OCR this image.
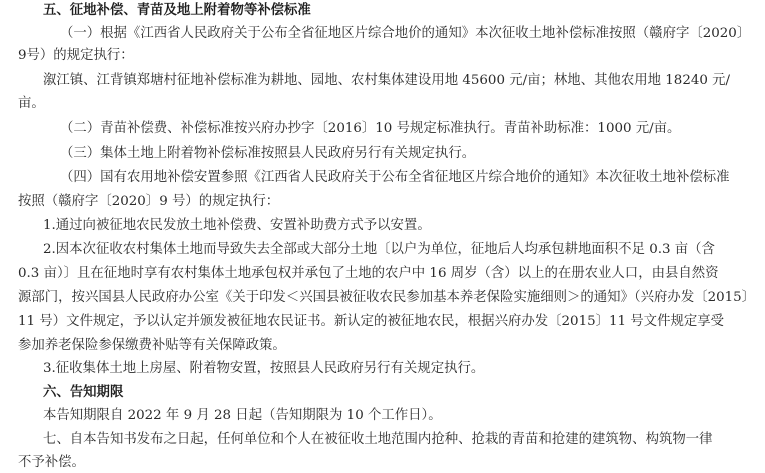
五、征地补偿、青苗及地上附着物等补偿标准
（一）根据《江西省人民政府关于公布全省征地区片综合地价的通知》本次征收土地补偿标准按照（赣府字〔2020〕
9号）的规定执行：
溆江镇、江背镇郑塘村征地补偿标准为耕地、园地、农村集体建设用地 45600 元/亩；林地、其他农用地 18240 元/
亩。
（二）青苗补偿费、补偿标准按兴府办抄字〔2016〕10 号规定标准执行。青苗补助标准：1000 元/亩。
（三）集体土地上附着物补偿标准按照县人民政府另行有关规定执行。
（四）国有农用地补偿安置参照《江西省人民政府关于公布全省征地区片综合地价的通知》本次征收土地补偿标准
按照（赣府字〔2020〕9 号）的规定执行：
1.通过向被征地农民发放土地补偿费、安置补助费方式予以安置。
2.因本次征收农村集体土地而导致失去全部或大部分土地〔以户为单位，征地后人均承包耕地面积不足 0.3 亩（含
0.3 亩）〕且在征地时享有农村集体土地承包权并承包了土地的农户中 16 周岁（含）以上的在册农业人口，由县自然资
源部门，按兴国县人民政府办公室《关于印发＜兴国县被征收农民参加基本养老保险实施细则＞的通知》（兴府办发〔2015〕
11 号）文件规定，予以认定并颁发被征地农民证书。新认定的被征地农民，根据兴府办发〔2015〕11 号文件规定享受
参加养老保险参保缴费补贴等有关保障政策。
3.征收集体土地上房屋、附着物安置，按照县人民政府另行有关规定执行。
六、告知期限
本告知期限自 2022 年 9 月 28 日起（告知期限为 10 个工作日）。
七、自本告知书发布之日起，任何单位和个人在被征收土地范围内抢种、抢栽的青苗和抢建的建筑物、构筑物一律
不予补偿。
